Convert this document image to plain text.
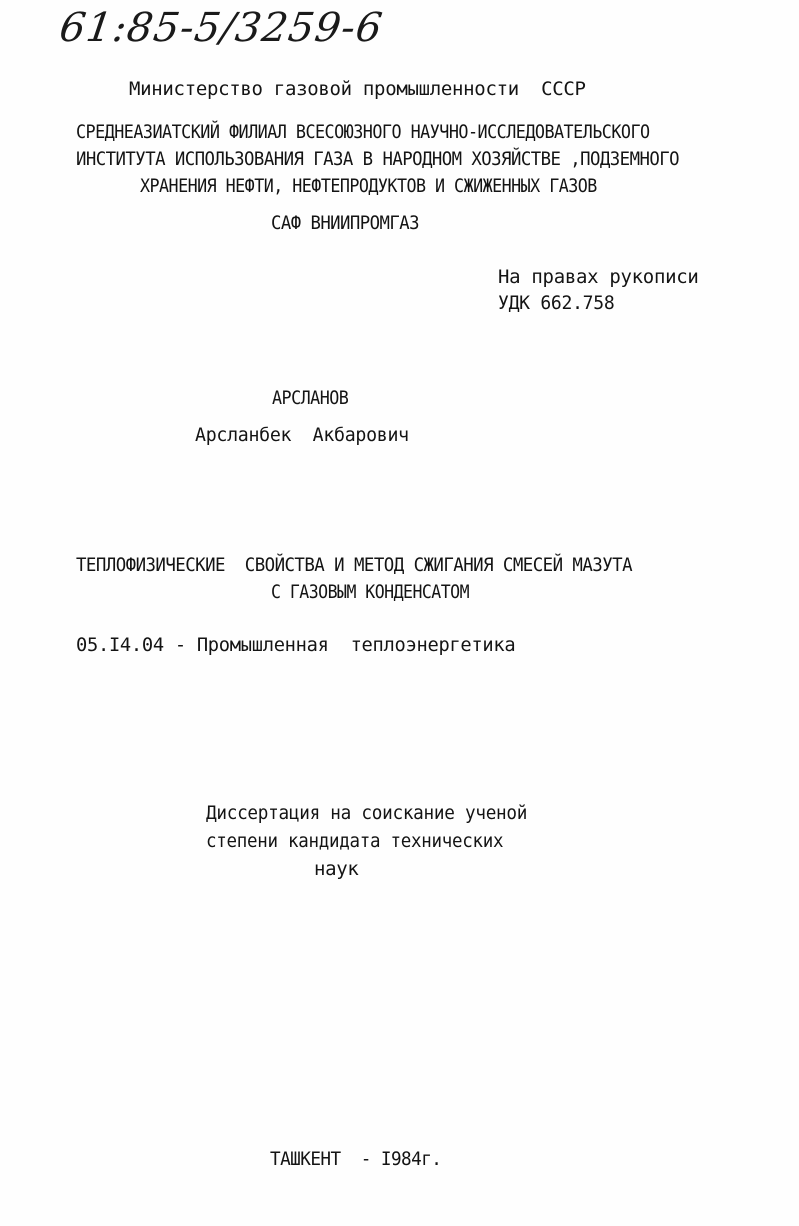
61:85-5/3259-6
Министерство газовой промышленности  СССР
СРЕДНЕАЗИАТСКИЙ ФИЛИАЛ ВСЕСОЮЗНОГО НАУЧНО-ИССЛЕДОВАТЕЛЬСКОГО
ИНСТИТУТА ИСПОЛЬЗОВАНИЯ ГАЗА В НАРОДНОМ ХОЗЯЙСТВЕ ,ПОДЗЕМНОГО
ХРАНЕНИЯ НЕФТИ, НЕФТЕПРОДУКТОВ И СЖИЖЕННЫХ ГАЗОВ
САФ ВНИИПРОМГАЗ
На правах рукописи
УДК 662.758
АРСЛАНОВ
Арсланбек  Акбарович
ТЕПЛОФИЗИЧЕСКИЕ  СВОЙСТВА И МЕТОД СЖИГАНИЯ СМЕСЕЙ МАЗУТА
С ГАЗОВЫМ КОНДЕНСАТОМ
05.I4.04 - Промышленная  теплоэнергетика
Диссертация на соискание ученой
степени кандидата технических
наук
ТАШКЕНТ  - I984г.
